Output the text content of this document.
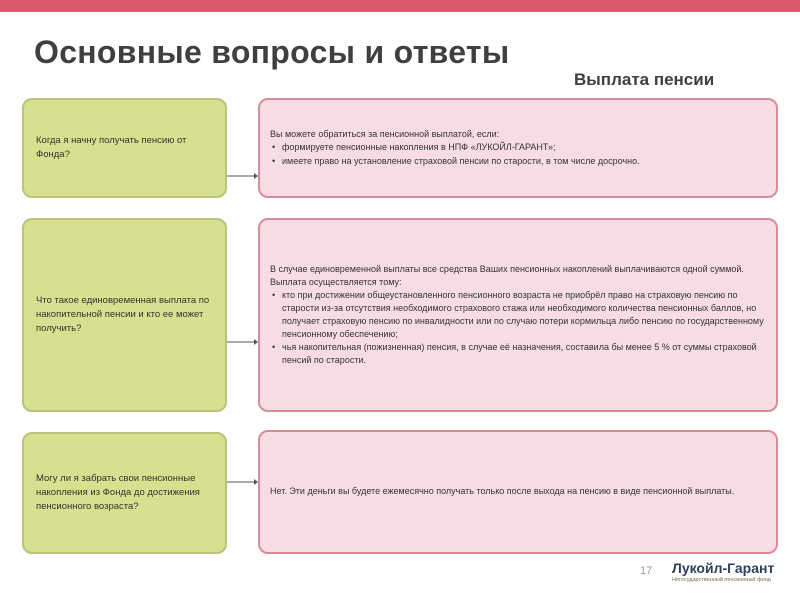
Основные вопросы и ответы
Выплата пенсии
Когда я начну получать пенсию от Фонда?
Вы можете обратиться за пенсионной выплатой, если:
• формируете пенсионные накопления в НПФ «ЛУКОЙЛ-ГАРАНТ»;
• имеете право на установление страховой пенсии по старости, в том числе досрочно.
Что такое единовременная выплата по накопительной пенсии и кто ее может получить?
В случае единовременной выплаты все средства Ваших пенсионных накоплений выплачиваются одной суммой. Выплата осуществляется тому:
• кто при достижении общеустановленного пенсионного возраста не приобрёл право на страховую пенсию по старости из-за отсутствия необходимого страхового стажа или необходимого количества пенсионных баллов, но получает страховую пенсию по инвалидности или по случаю потери кормильца либо пенсию по государственному пенсионному обеспечению;
• чья накопительная (пожизненная) пенсия, в случае её назначения, составила бы менее 5 % от суммы страховой пенсий по старости.
Могу ли я забрать свои пенсионные накопления из Фонда до достижения пенсионного возраста?
Нет. Эти деньги вы будете ежемесячно получать только после выхода на пенсию в виде пенсионной выплаты.
17 Лукойл-Гарант
Негосударственный пенсионный фонд
